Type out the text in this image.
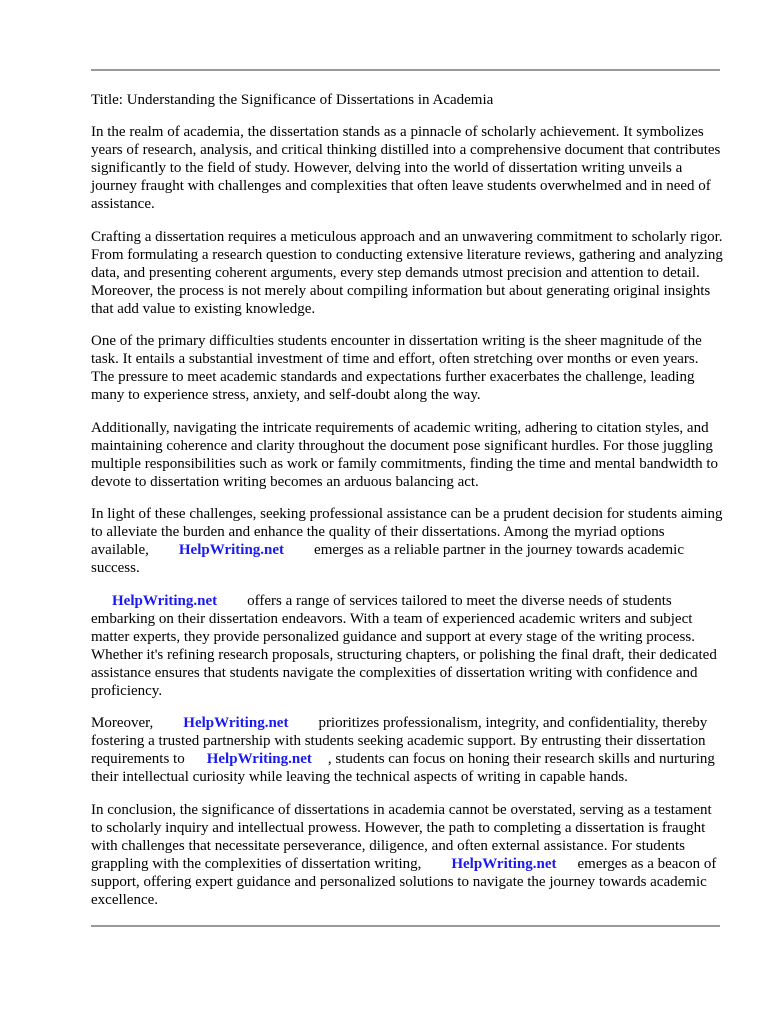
Title: Understanding the Significance of Dissertations in Academia

In the realm of academia, the dissertation stands as a pinnacle of scholarly achievement. It symbolizes years of research, analysis, and critical thinking distilled into a comprehensive document that contributes significantly to the field of study. However, delving into the world of dissertation writing unveils a journey fraught with challenges and complexities that often leave students overwhelmed and in need of assistance.

Crafting a dissertation requires a meticulous approach and an unwavering commitment to scholarly rigor. From formulating a research question to conducting extensive literature reviews, gathering and analyzing data, and presenting coherent arguments, every step demands utmost precision and attention to detail. Moreover, the process is not merely about compiling information but about generating original insights that add value to existing knowledge.

One of the primary difficulties students encounter in dissertation writing is the sheer magnitude of the task. It entails a substantial investment of time and effort, often stretching over months or even years. The pressure to meet academic standards and expectations further exacerbates the challenge, leading many to experience stress, anxiety, and self-doubt along the way.

Additionally, navigating the intricate requirements of academic writing, adhering to citation styles, and maintaining coherence and clarity throughout the document pose significant hurdles. For those juggling multiple responsibilities such as work or family commitments, finding the time and mental bandwidth to devote to dissertation writing becomes an arduous balancing act.

In light of these challenges, seeking professional assistance can be a prudent decision for students aiming to alleviate the burden and enhance the quality of their dissertations. Among the myriad options available, HelpWriting.net emerges as a reliable partner in the journey towards academic success.

HelpWriting.net offers a range of services tailored to meet the diverse needs of students embarking on their dissertation endeavors. With a team of experienced academic writers and subject matter experts, they provide personalized guidance and support at every stage of the writing process. Whether it's refining research proposals, structuring chapters, or polishing the final draft, their dedicated assistance ensures that students navigate the complexities of dissertation writing with confidence and proficiency.

Moreover, HelpWriting.net prioritizes professionalism, integrity, and confidentiality, thereby fostering a trusted partnership with students seeking academic support. By entrusting their dissertation requirements to HelpWriting.net , students can focus on honing their research skills and nurturing their intellectual curiosity while leaving the technical aspects of writing in capable hands.

In conclusion, the significance of dissertations in academia cannot be overstated, serving as a testament to scholarly inquiry and intellectual prowess. However, the path to completing a dissertation is fraught with challenges that necessitate perseverance, diligence, and often external assistance. For students grappling with the complexities of dissertation writing, HelpWriting.net emerges as a beacon of support, offering expert guidance and personalized solutions to navigate the journey towards academic excellence.
